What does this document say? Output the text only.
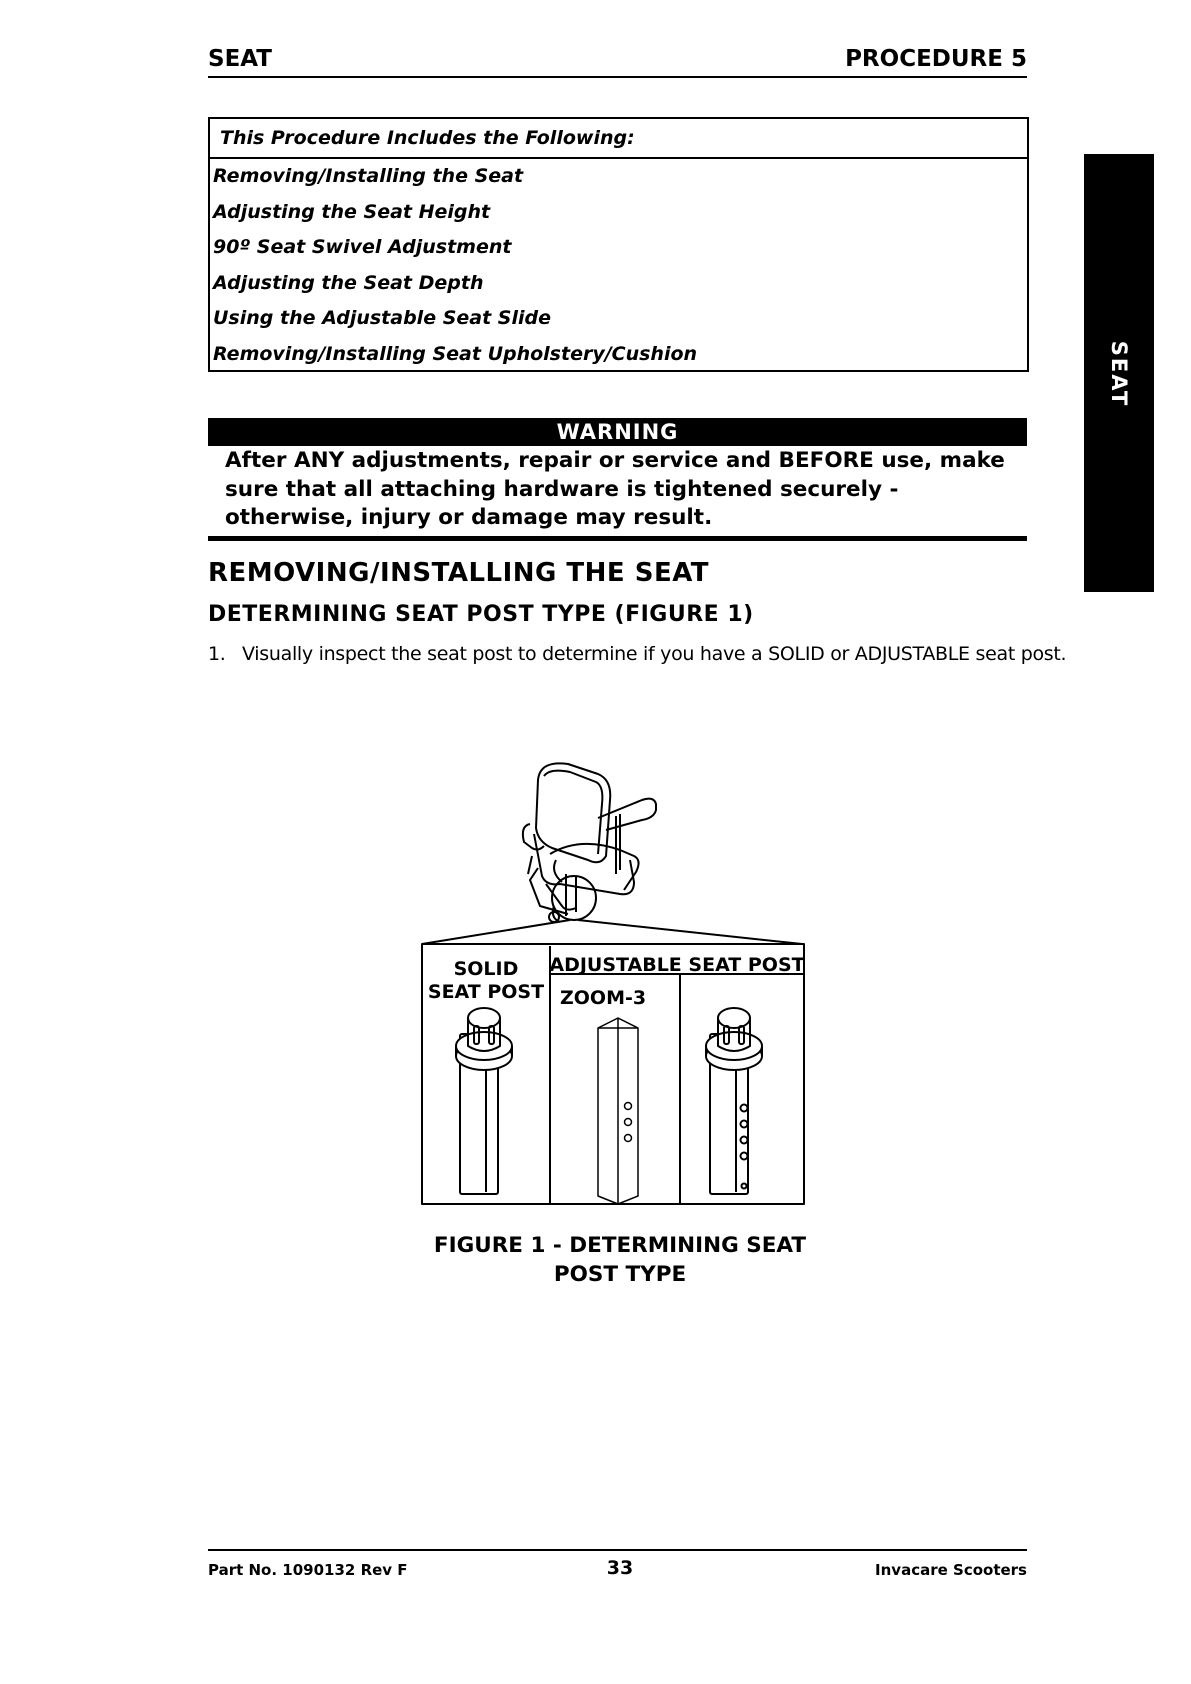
SEAT	PROCEDURE 5
SEAT
This Procedure Includes the Following:
Removing/Installing the Seat
Adjusting the Seat Height
90º Seat Swivel Adjustment
Adjusting the Seat Depth
Using the Adjustable Seat Slide
Removing/Installing Seat Upholstery/Cushion
WARNING
After ANY adjustments, repair or service and BEFORE use, make sure that all attaching hardware is tightened securely - otherwise, injury or damage may result.
REMOVING/INSTALLING THE SEAT
DETERMINING SEAT POST TYPE (FIGURE 1)
1. Visually inspect the seat post to determine if you have a SOLID or ADJUSTABLE seat post.
SOLID
SEAT POST
ADJUSTABLE SEAT POST
ZOOM-3
FIGURE 1 - DETERMINING SEAT
POST TYPE
Part No. 1090132 Rev F	33	Invacare Scooters
